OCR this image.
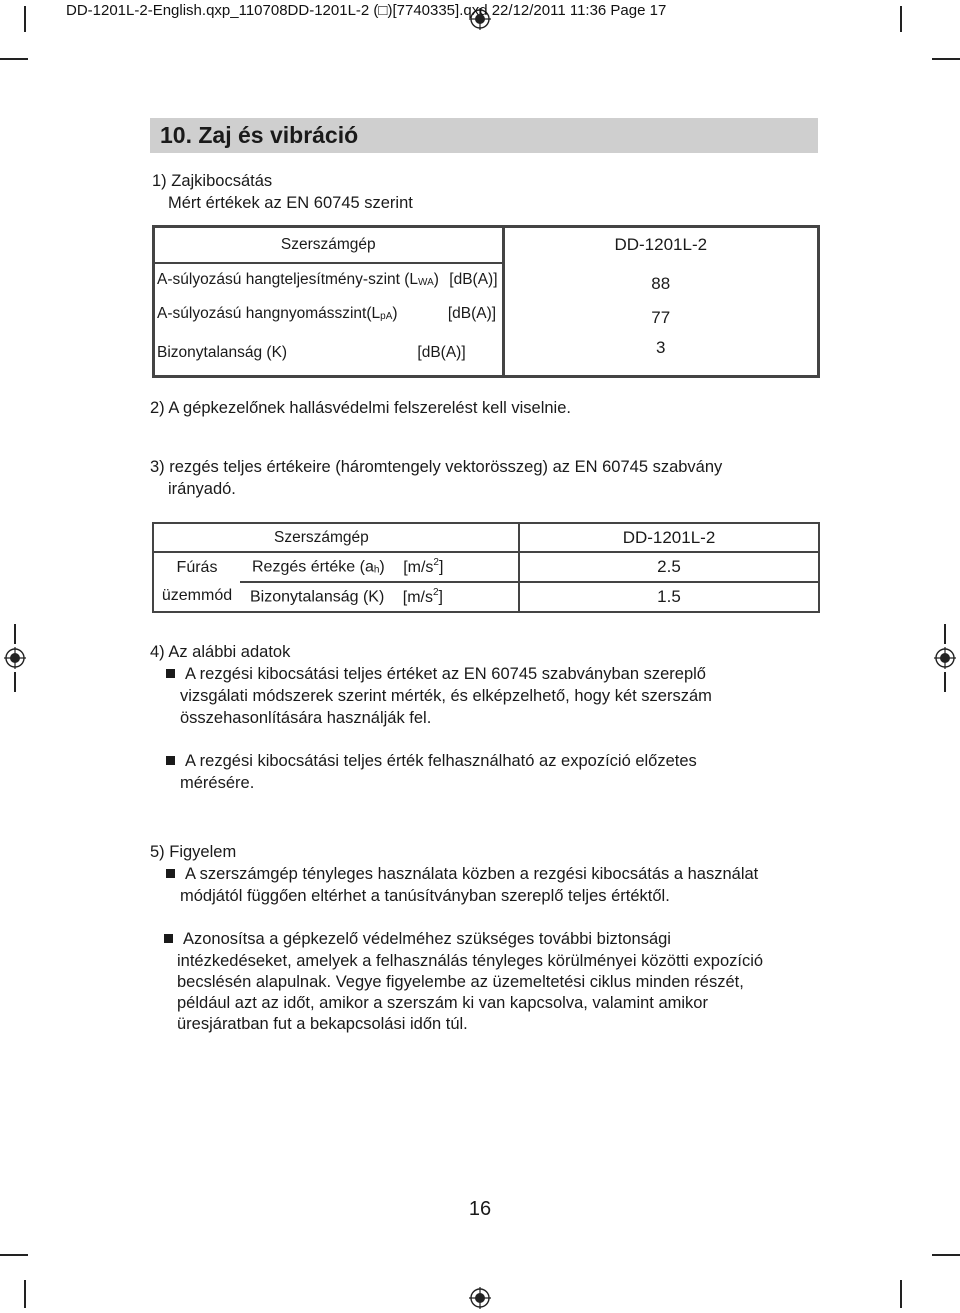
DD-1201L-2-English.qxp_110708DD-1201L-2 (□)[7740335].qxd 22/12/2011 11:36 Page 17
10. Zaj és vibráció
1) Zajkibocsátás
Mért értékek az EN 60745 szerint
Szerszámgép	DD-1201L-2
A-súlyozású hangteljesítmény-szint $(L_{WA})$ [dB(A)]	88
A-súlyozású $hangnyomásszint(L_{pA})$ [dB(A)]	77
Bizonytalanság (K) [dB(A)]	3
2) A gépkezelőnek hallásvédelmi felszerelést kell viselnie.
3) rezgés teljes értékeire (háromtengely vektorösszeg) az EN 60745 szabvány
irányadó.
	Szerszámgép	DD-1201L-2

Fúrás
üzemmód	Rezgés értéke $(a_h)$ $[m/s^2]$	2.5
	Bizonytalanság (K) $[m/s^2]$	1.5
4) Az alábbi adatok
A rezgési kibocsátási teljes értéket az EN 60745 szabványban szereplő
vizsgálati módszerek szerint mérték, és elképzelhető, hogy két szerszám
összehasonlítására használják fel.
A rezgési kibocsátási teljes érték felhasználható az expozíció előzetes
mérésére.
5) Figyelem
A szerszámgép tényleges használata közben a rezgési kibocsátás a használat
módjától függően eltérhet a tanúsítványban szereplő teljes értéktől.
Azonosítsa a gépkezelő védelméhez szükséges további biztonsági
intézkedéseket, amelyek a felhasználás tényleges körülményei közötti expozíció
becslésén alapulnak. Vegye figyelembe az üzemeltetési ciklus minden részét,
például azt az időt, amikor a szerszám ki van kapcsolva, valamint amikor
üresjáratban fut a bekapcsolási időn túl.
16
